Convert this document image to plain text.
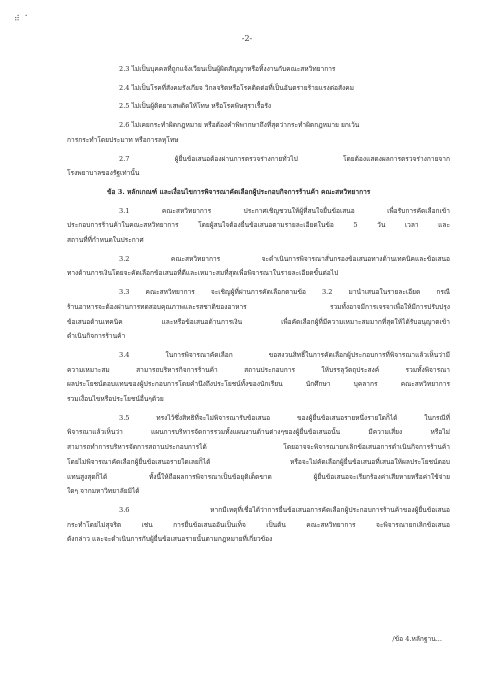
⠾ ⠁
-2-

2.3 ไม่เป็นบุคคลที่ถูกแจ้งเวียนเป็นผู้ผิดสัญญาหรือทิ้งงานกับคณะสหวิทยาการ

2.4 ไม่เป็นโรคที่สังคมรังเกียจ วิกลจริตหรือโรคติดต่อที่เป็นอันตรายร้ายแรงต่อสังคม

2.5 ไม่เป็นผู้ติดยาเสพติดให้โทษ หรือโรคพิษสุราเรื้อรัง

2.6 ไม่เคยกระทำผิดกฎหมาย หรือต้องคำพิพากษาถึงที่สุดว่ากระทำผิดกฎหมาย ยกเว้น

การกระทำโดยประมาท หรือการลหุโทษ

2.7 ผู้ยื่นข้อเสนอต้องผ่านการตรวจร่างกายทั่วไป โดยต้องแสดงผลการตรวจร่างกายจาก

โรงพยาบาลของรัฐเท่านั้น

ข้อ 3. หลักเกณฑ์ และเงื่อนไขการพิจารณาคัดเลือกผู้ประกอบกิจการร้านค้า คณะสหวิทยาการ

3.1 คณะสหวิทยาการ ประกาศเชิญชวนให้ผู้ที่สนใจยื่นข้อเสนอ เพื่อรับการคัดเลือกเข้า

ประกอบการร้านค้าในคณะสหวิทยาการ โดยผู้สนใจต้องยื่นข้อเสนอตามรายละเอียดในข้อ 5 วัน เวลา และ

สถานที่ที่กำหนดในประกาศ

3.2 คณะสหวิทยาการ จะดำเนินการพิจารณาสั่นกรองข้อเสนอทางด้านเทคนิคและข้อเสนอ

ทางด้านการเงินโดยจะคัดเลือกข้อเสนอที่ดีและเหมาะสมที่สุดเพื่อพิจารณาในรายละเอียดขั้นต่อไป

3.3 คณะสหวิทยาการ จะเชิญผู้ที่ผ่านการคัดเลือกตามข้อ 3.2 มานำเสนอในรายละเอียด กรณี

ร้านอาหารจะต้องผ่านการทดสอบคุณภาพและรสชาติของอาหาร รวมทั้งอาจมีการเจรจาเพื่อให้มีการปรับปรุง

ข้อเสนอด้านเทคนิค และหรือข้อเสนอด้านการเงิน เพื่อคัดเลือกผู้ที่มีความเหมาะสมมากที่สุดให้ได้รับอนุญาตเข้า

ดำเนินกิจการร้านค้า

3.4 ในการพิจารณาคัดเลือก ขอสงวนสิทธิ์ในการคัดเลือกผู้ประกอบการที่พิจารณาแล้วเห็นว่ามี

ความเหมาะสม สามารถบริหารกิจการร้านค้า สถานประกอบการ ให้บรรลุวัตถุประสงค์ รวมทั้งพิจารณา

ผลประโยชน์ตอบแทนของผู้ประกอบการโดยคำนึงถึงประโยชน์ทั้งของนักเรียน นักศึกษา บุคลากร คณะสหวิทยาการ

รวมเงื่อนไขหรือประโยชน์อื่นๆด้วย

3.5 ทรงไว้ซึ่งสิทธิที่จะไม่พิจารณารับข้อเสนอ ของผู้ยื่นข้อเสนอรายหนึ่งรายใดก็ได้ ในกรณีที่

พิจารณาแล้วเห็นว่า แผนการบริหารจัดการรวมทั้งแผนงานด้านต่างๆของผู้ยื่นข้อเสนอนั้น มีความเสี่ยง หรือไม่

สามารถทำการบริหารจัดการสถานประกอบการได้ โดยอาจจะพิจารณายกเลิกข้อเสนอการดำเนินกิจการร้านค้า

โดยไม่พิจารณาคัดเลือกผู้ยื่นข้อเสนอรายใดเลยก็ได้ หรือจะไม่คัดเลือกผู้ยื่นข้อเสนอที่เสนอให้ผลประโยชน์ตอบ

แทนสูงสุดก็ได้ ทั้งนี้ให้ถือผลการพิจารณาเป็นข้อยุติเด็ดขาด ผู้ยื่นข้อเสนอจะเรียกร้องค่าเสียหายหรือค่าใช้จ่าย

ใดๆ จากมหาวิทยาลัยมิได้

3.6 หากมีเหตุที่เชื่อได้ว่าการยื่นข้อเสนอการคัดเลือกผู้ประกอบการร้านค้าของผู้ยื่นข้อเสนอ

กระทำโดยไม่สุจริต เช่น การยื่นข้อเสนออันเป็นเท็จ เป็นต้น คณะสหวิทยาการ จะพิจารณายกเลิกข้อเสนอ

ดังกล่าว และจะดำเนินการกับผู้ยื่นข้อเสนอรายนั้นตามกฎหมายที่เกี่ยวข้อง

/ข้อ 4.หลักฐาน...
